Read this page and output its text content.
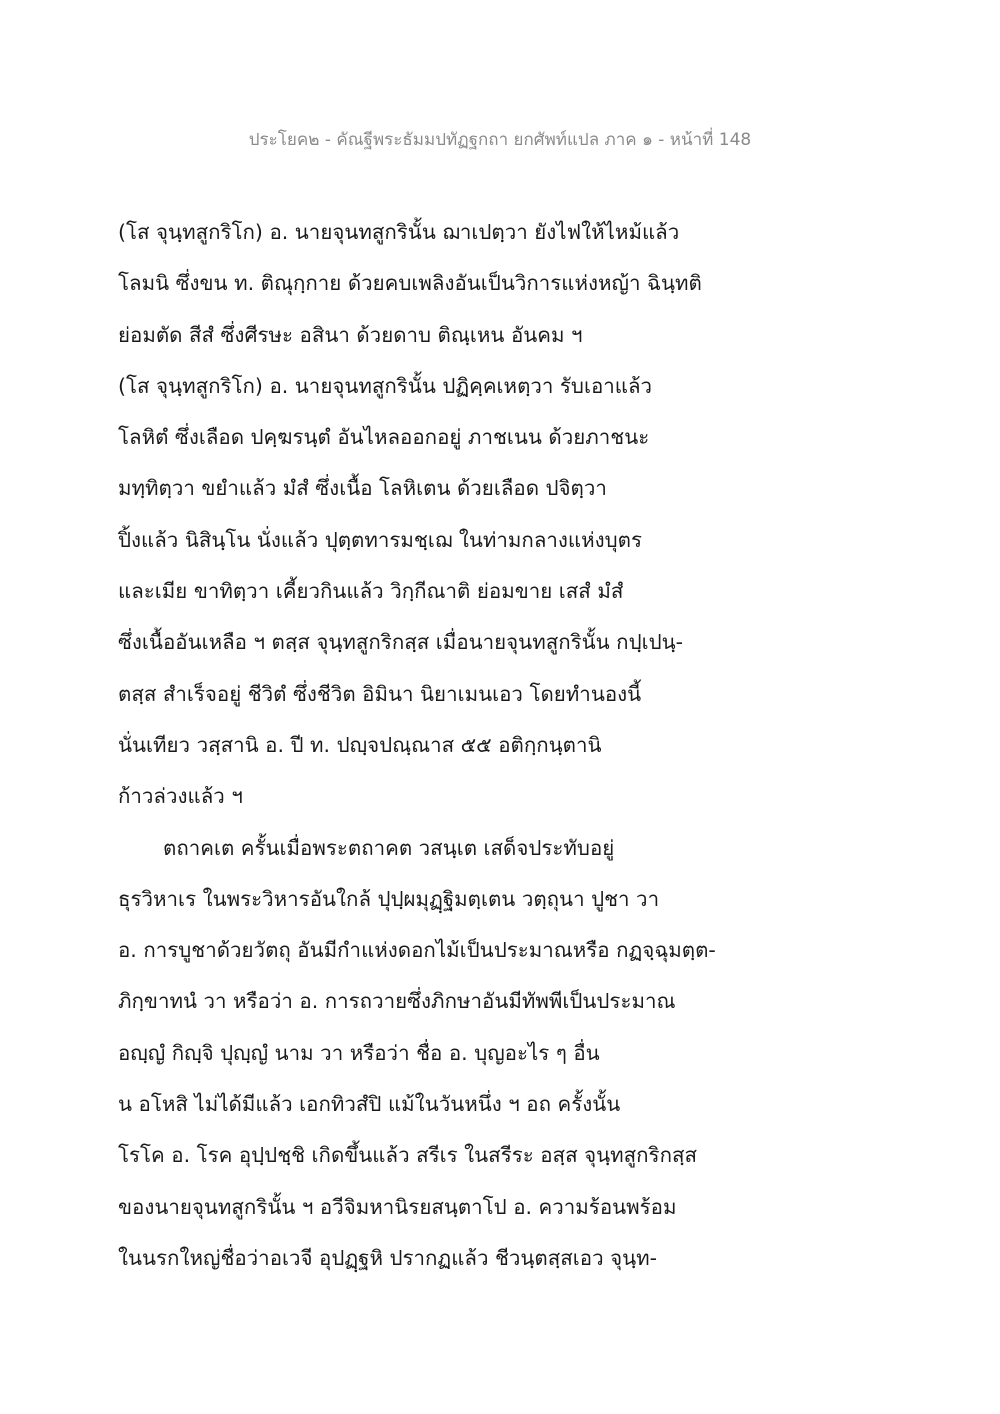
ประโยค๒ - คัณฐีพระธัมมปทัฏฐกถา ยกศัพท์แปล ภาค ๑ - หน้าที่ 148
(โส จุนฺทสูกริโก) อ. นายจุนทสูกรินั้น ฌาเปตฺวา ยังไฟให้ไหม้แล้ว
โลมนิ ซึ่งขน ท. ติณุกฺกาย ด้วยคบเพลิงอันเป็นวิการแห่งหญ้า ฉินฺทติ
ย่อมตัด สีสํ ซึ่งศีรษะ อสินา ด้วยดาบ ติณฺเหน อันคม ฯ
(โส จุนฺทสูกริโก) อ. นายจุนทสูกรินั้น ปฏิคฺคเหตฺวา รับเอาแล้ว
โลหิตํ ซึ่งเลือด ปคฺฆรนฺตํ อันไหลออกอยู่ ภาชเนน ด้วยภาชนะ
มทฺทิตฺวา ขยำแล้ว มํสํ ซึ่งเนื้อ โลหิเตน ด้วยเลือด ปจิตฺวา
ปิ้งแล้ว นิสินฺโน นั่งแล้ว ปุตฺตทารมชฺเฌ ในท่ามกลางแห่งบุตร
และเมีย ขาทิตฺวา เคี้ยวกินแล้ว วิกฺกีณาติ ย่อมขาย เสสํ มํสํ
ซึ่งเนื้ออันเหลือ ฯ ตสฺส จุนฺทสูกริกสฺส เมื่อนายจุนทสูกรินั้น กปฺเปนฺ-
ตสฺส สำเร็จอยู่ ชีวิตํ ซึ่งชีวิต อิมินา นิยาเมนเอว โดยทำนองนี้
นั่นเทียว วสฺสานิ อ. ปี ท. ปญฺจปณฺณาส ๕๕ อติกฺกนฺตานิ
ก้าวล่วงแล้ว ฯ
ตถาคเต ครั้นเมื่อพระตถาคต วสนฺเต เสด็จประทับอยู่
ธุรวิหาเร ในพระวิหารอันใกล้ ปุปฺผมุฏฺฐิมตฺเตน วตฺถุนา ปูชา วา
อ. การบูชาด้วยวัตถุ อันมีกำแห่งดอกไม้เป็นประมาณหรือ กฏจฺฉุมตฺต-
ภิกฺขาทนํ วา หรือว่า อ. การถวายซึ่งภิกษาอันมีทัพพีเป็นประมาณ
อญฺญํ กิญฺจิ ปุญฺญํ นาม วา หรือว่า ชื่อ อ. บุญอะไร ๆ อื่น
น อโหสิ ไม่ได้มีแล้ว เอกทิวสํปิ แม้ในวันหนึ่ง ฯ อถ ครั้งนั้น
โรโค อ. โรค อุปฺปชฺชิ เกิดขึ้นแล้ว สรีเร ในสรีระ อสฺส จุนฺทสูกริกสฺส
ของนายจุนทสูกรินั้น ฯ อวีจิมหานิรยสนฺตาโป อ. ความร้อนพร้อม
ในนรกใหญ่ชื่อว่าอเวจี อุปฏฺฐหิ ปรากฏแล้ว ชีวนฺตสฺสเอว จุนฺท-
